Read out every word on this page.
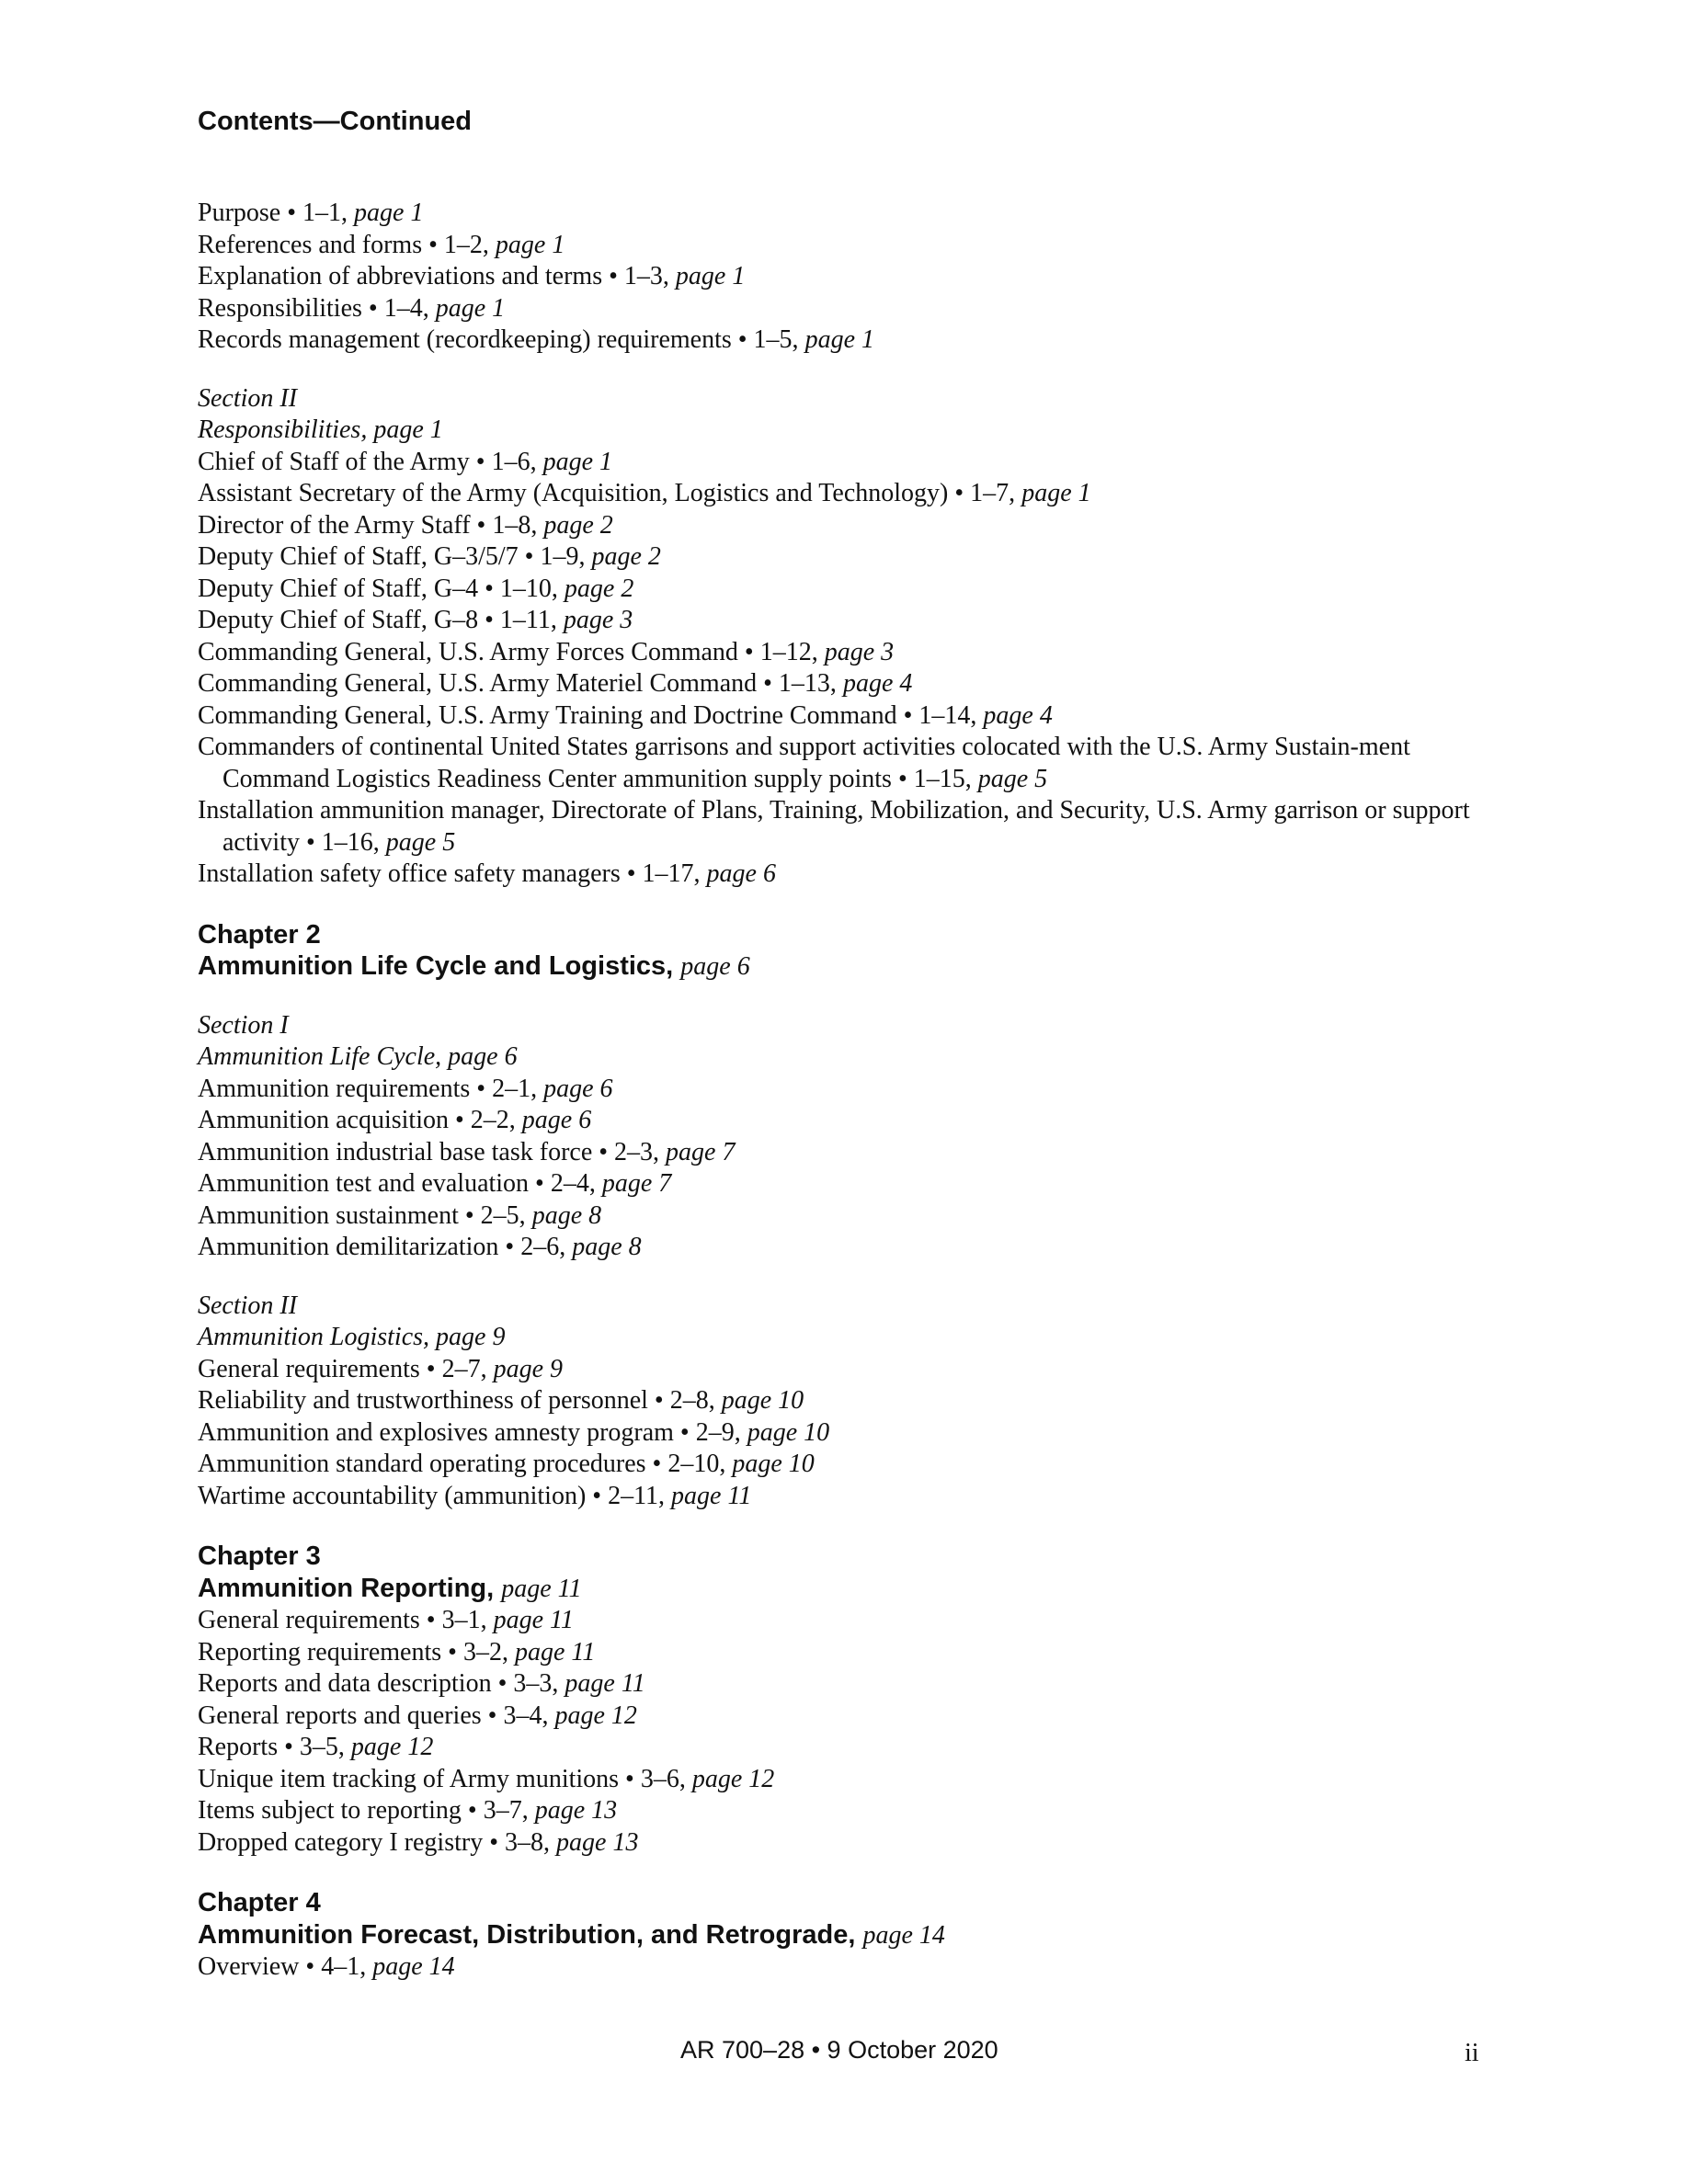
Contents—Continued
Purpose • 1–1, page 1
References and forms • 1–2, page 1
Explanation of abbreviations and terms • 1–3, page 1
Responsibilities • 1–4, page 1
Records management (recordkeeping) requirements • 1–5, page 1
Section II
Responsibilities, page 1
Chief of Staff of the Army • 1–6, page 1
Assistant Secretary of the Army (Acquisition, Logistics and Technology) • 1–7, page 1
Director of the Army Staff • 1–8, page 2
Deputy Chief of Staff, G–3/5/7 • 1–9, page 2
Deputy Chief of Staff, G–4 • 1–10, page 2
Deputy Chief of Staff, G–8 • 1–11, page 3
Commanding General, U.S. Army Forces Command • 1–12, page 3
Commanding General, U.S. Army Materiel Command • 1–13, page 4
Commanding General, U.S. Army Training and Doctrine Command • 1–14, page 4
Commanders of continental United States garrisons and support activities colocated with the U.S. Army Sustain-ment Command Logistics Readiness Center ammunition supply points • 1–15, page 5
Installation ammunition manager, Directorate of Plans, Training, Mobilization, and Security, U.S. Army garrison or support activity • 1–16, page 5
Installation safety office safety managers • 1–17, page 6
Chapter 2
Ammunition Life Cycle and Logistics, page 6
Section I
Ammunition Life Cycle, page 6
Ammunition requirements • 2–1, page 6
Ammunition acquisition • 2–2, page 6
Ammunition industrial base task force • 2–3, page 7
Ammunition test and evaluation • 2–4, page 7
Ammunition sustainment • 2–5, page 8
Ammunition demilitarization • 2–6, page 8
Section II
Ammunition Logistics, page 9
General requirements • 2–7, page 9
Reliability and trustworthiness of personnel • 2–8, page 10
Ammunition and explosives amnesty program • 2–9, page 10
Ammunition standard operating procedures • 2–10, page 10
Wartime accountability (ammunition) • 2–11, page 11
Chapter 3
Ammunition Reporting, page 11
General requirements • 3–1, page 11
Reporting requirements • 3–2, page 11
Reports and data description • 3–3, page 11
General reports and queries • 3–4, page 12
Reports • 3–5, page 12
Unique item tracking of Army munitions • 3–6, page 12
Items subject to reporting • 3–7, page 13
Dropped category I registry • 3–8, page 13
Chapter 4
Ammunition Forecast, Distribution, and Retrograde, page 14
Overview • 4–1, page 14
AR 700–28 • 9 October 2020	ii
